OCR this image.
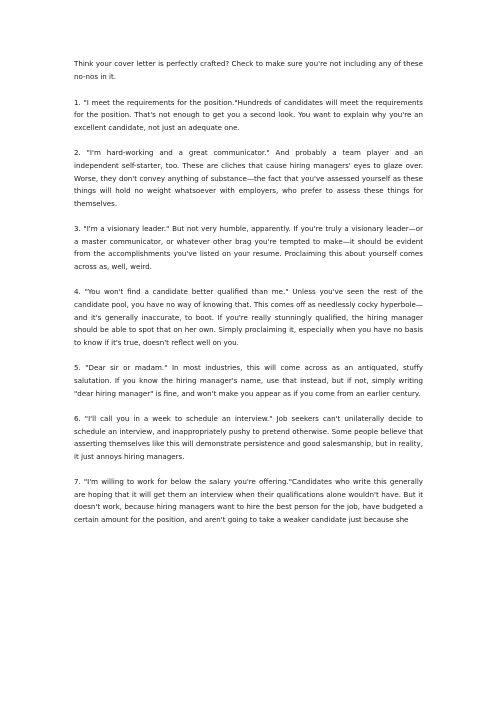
Think your cover letter is perfectly crafted? Check to make sure you're not including any of these no-nos in it.

1. "I meet the requirements for the position."Hundreds of candidates will meet the requirements for the position. That's not enough to get you a second look. You want to explain why you're an excellent candidate, not just an adequate one.

2. "I'm hard-working and a great communicator." And probably a team player and an independent self-starter, too. These are cliches that cause hiring managers' eyes to glaze over. Worse, they don't convey anything of substance—the fact that you've assessed yourself as these things will hold no weight whatsoever with employers, who prefer to assess these things for themselves.

3. "I'm a visionary leader." But not very humble, apparently. If you're truly a visionary leader—or a master communicator, or whatever other brag you're tempted to make—it should be evident from the accomplishments you've listed on your resume. Proclaiming this about yourself comes across as, well, weird.

4. "You won't find a candidate better qualified than me." Unless you've seen the rest of the candidate pool, you have no way of knowing that. This comes off as needlessly cocky hyperbole—and it's generally inaccurate, to boot. If you're really stunningly qualified, the hiring manager should be able to spot that on her own. Simply proclaiming it, especially when you have no basis to know if it's true, doesn't reflect well on you.

5. "Dear sir or madam." In most industries, this will come across as an antiquated, stuffy salutation. If you know the hiring manager's name, use that instead, but if not, simply writing "dear hiring manager" is fine, and won't make you appear as if you come from an earlier century.

6. "I'll call you in a week to schedule an interview." Job seekers can't unilaterally decide to schedule an interview, and inappropriately pushy to pretend otherwise. Some people believe that asserting themselves like this will demonstrate persistence and good salesmanship, but in reality, it just annoys hiring managers.

7. "I'm willing to work for below the salary you're offering."Candidates who write this generally are hoping that it will get them an interview when their qualifications alone wouldn't have. But it doesn't work, because hiring managers want to hire the best person for the job, have budgeted a certain amount for the position, and aren't going to take a weaker candidate just because she
